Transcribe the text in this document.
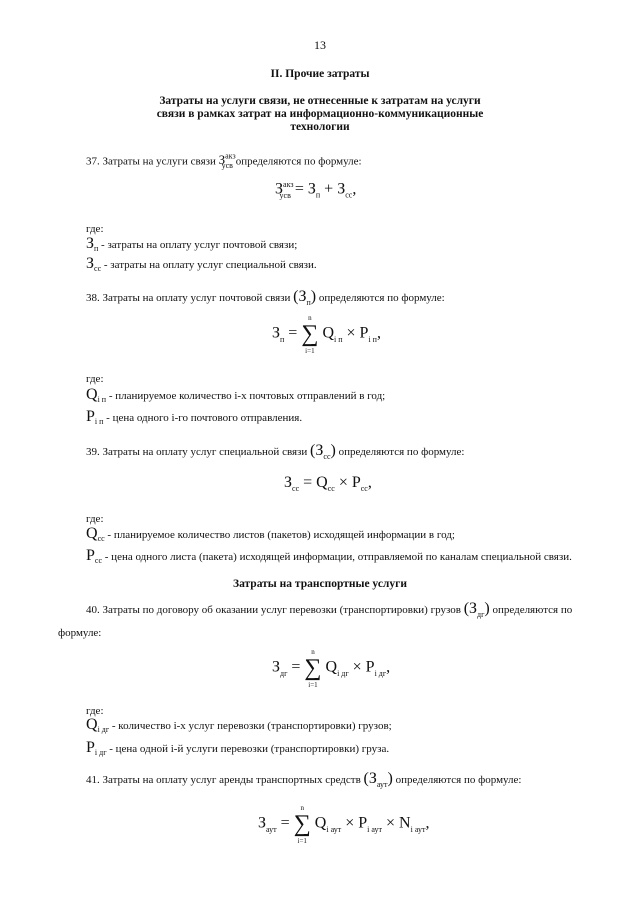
13
II. Прочие затраты
Затраты на услуги связи, не отнесенные к затратам на услуги
связи в рамках затрат на информационно-коммуникационные
технологии
37. Затраты на услуги связи $З^{акз}_{усв}$ определяются по формуле:
$З^{акз}_{усв} = З_п + З_{сс}$,
где:
$З_п$ - затраты на оплату услуг почтовой связи;
$З_{сс}$ - затраты на оплату услуг специальной связи.
38. Затраты на оплату услуг почтовой связи $(З_п)$ определяются по формуле:
$З_п$ =
n
∑
i=1
$Q_{i п} \times P_{i п}$,
где:
$Q_{i п}$ - планируемое количество i-х почтовых отправлений в год;
$P_{i п}$ - цена одного i-го почтового отправления.
39. Затраты на оплату услуг специальной связи $(З_{сс})$ определяются по формуле:
$З_{сс} = Q_{сс} \times P_{сс}$,
где:
$Q_{сс}$ - планируемое количество листов (пакетов) исходящей информации в год;
$P_{сс}$ - цена одного листа (пакета) исходящей информации, отправляемой по каналам специальной связи.
Затраты на транспортные услуги
40. Затраты по договору об оказании услуг перевозки (транспортировки) грузов $(З_{дг})$ определяются по
формуле:
$З_{дг}$ =
n
∑
i=1
$Q_{i дг} \times P_{i дг}$,
где:
$Q_{i дг}$ - количество i-х услуг перевозки (транспортировки) грузов;
$P_{i дг}$ - цена одной i-й услуги перевозки (транспортировки) груза.
41. Затраты на оплату услуг аренды транспортных средств $(З_{аут})$ определяются по формуле:
$З_{аут}$ =
n
∑
i=1
$Q_{i аут} \times P_{i аут} \times N_{i аут}$,
